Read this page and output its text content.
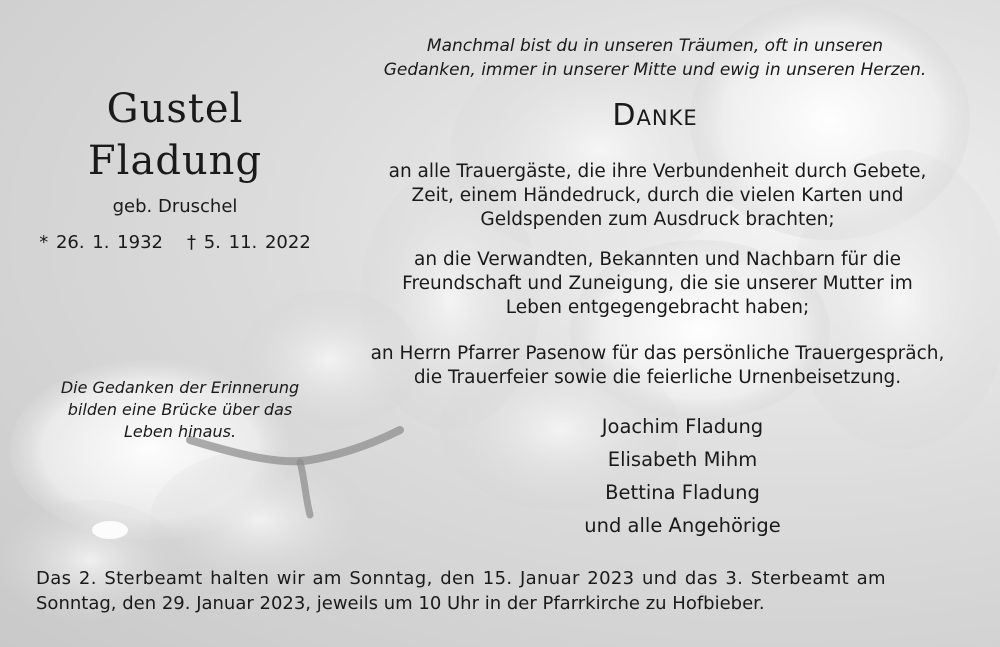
Manchmal bist du in unseren Träumen, oft in unseren
Gedanken, immer in unserer Mitte und ewig in unseren Herzen.
Gustel
Fladung
geb. Druschel
* 26. 1. 1932 † 5. 11. 2022
Die Gedanken der Erinnerung
bilden eine Brücke über das
Leben hinaus.
Danke
an alle Trauergäste, die ihre Verbundenheit durch Gebete,
Zeit, einem Händedruck, durch die vielen Karten und
Geldspenden zum Ausdruck brachten;
an die Verwandten, Bekannten und Nachbarn für die
Freundschaft und Zuneigung, die sie unserer Mutter im
Leben entgegengebracht haben;
an Herrn Pfarrer Pasenow für das persönliche Trauergespräch,
die Trauerfeier sowie die feierliche Urnenbeisetzung.
Joachim Fladung
Elisabeth Mihm
Bettina Fladung
und alle Angehörige
Das 2. Sterbeamt halten wir am Sonntag, den 15. Januar 2023 und das 3. Sterbeamt am
Sonntag, den 29. Januar 2023, jeweils um 10 Uhr in der Pfarrkirche zu Hofbieber.
